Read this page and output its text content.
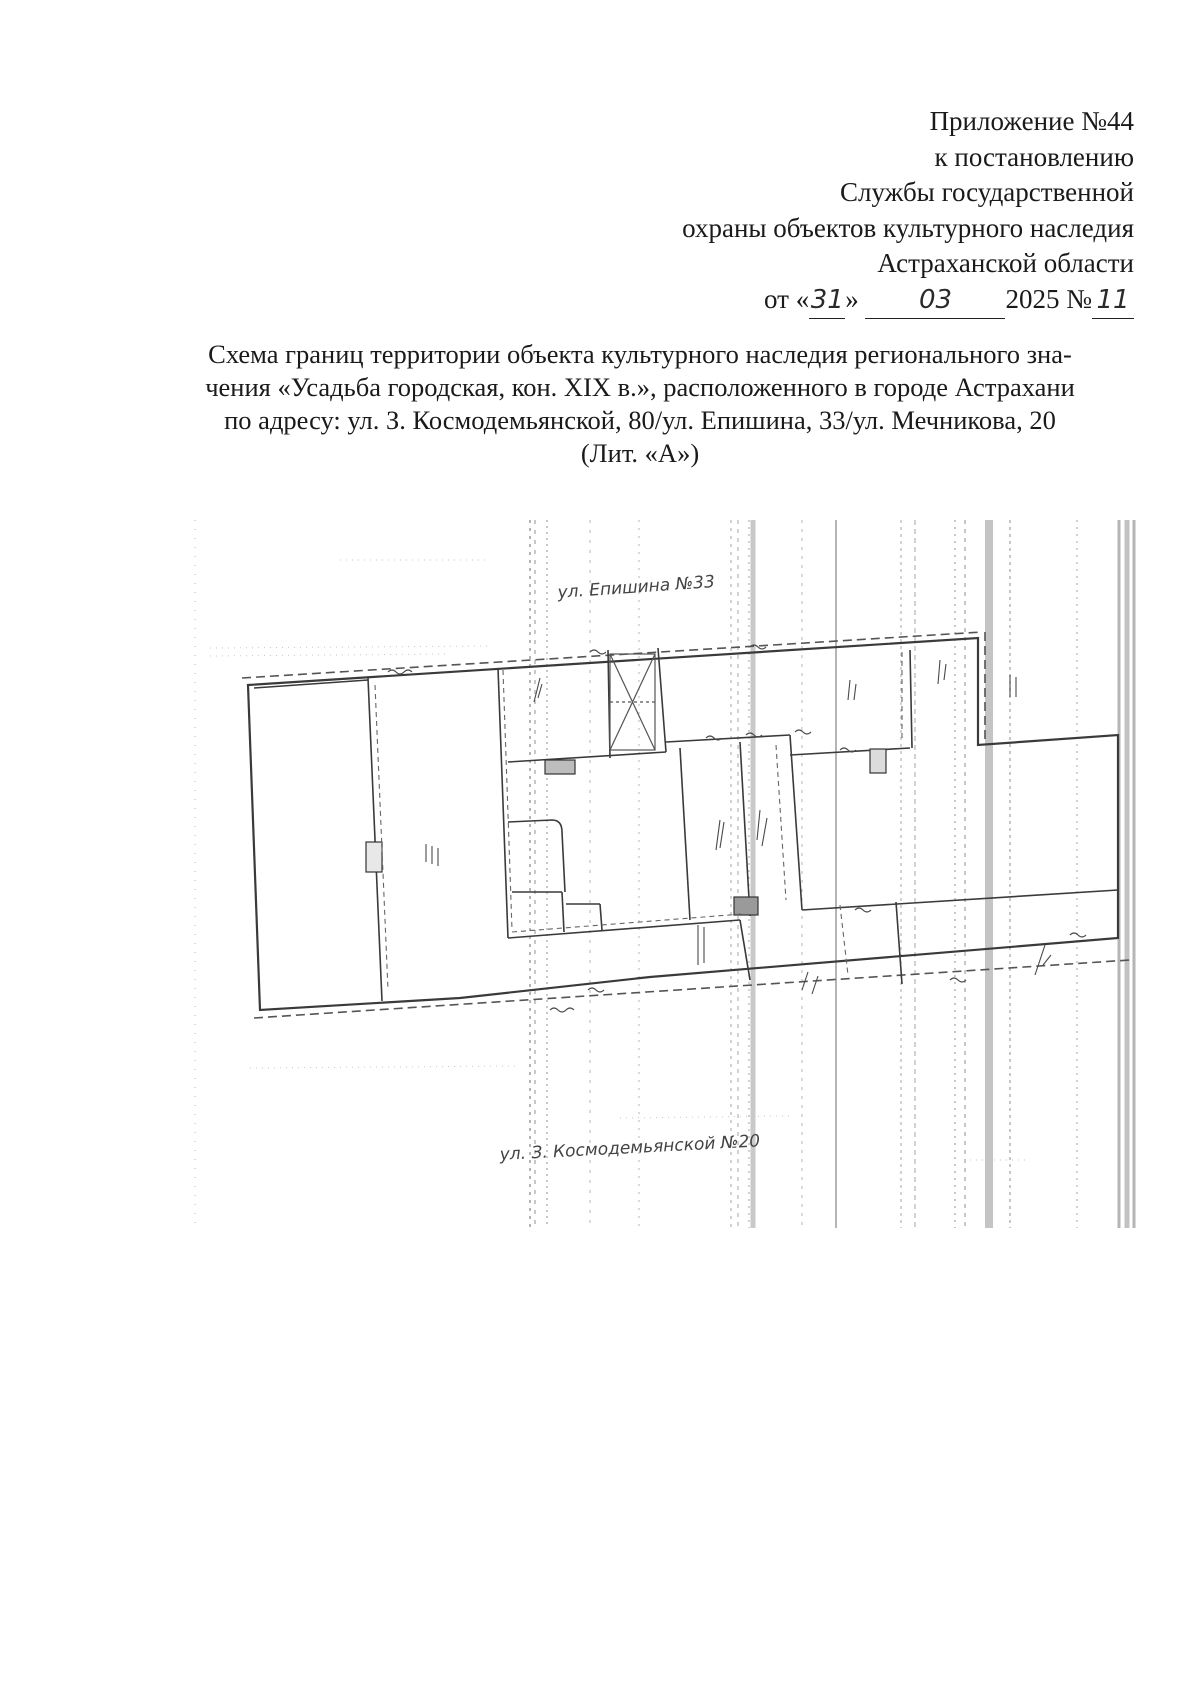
Приложение №44
к постановлению
Службы государственной
охраны объектов культурного наследия
Астраханской области
от «31» 03 2025 № 11
Схема границ территории объекта культурного наследия регионального зна-
чения «Усадьба городская, кон. XIX в.», расположенного в городе Астрахани
по адресу: ул. З. Космодемьянской, 80/ул. Епишина, 33/ул. Мечникова, 20
(Лит. «А»)
ул. Епишина №33
ул. З. Космодемьянской №20
